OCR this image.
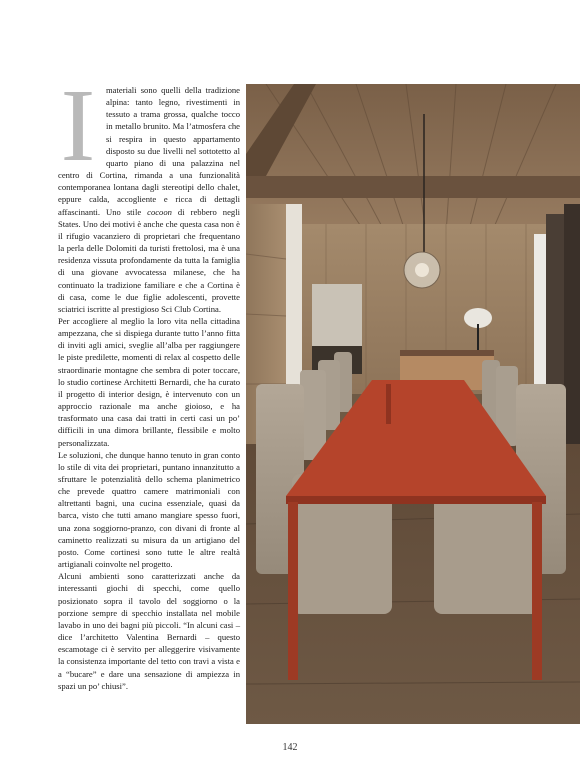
I	materiali sono quelli della tradizione alpina: tanto legno, rivestimenti in tessuto a trama grossa, qualche tocco in metallo brunito. Ma l’atmosfera che si respira in questo appartamento disposto su due livelli nel sottotetto al quarto piano di una palazzina nel centro di Cortina, rimanda a una funzionalità contemporanea lontana dagli stereotipi dello chalet, eppure calda, accogliente e ricca di dettagli affascinanti. Uno stile cocoon di rebbero negli States. Uno dei motivi è anche che questa casa non è il rifugio vacanziero di proprietari che frequentano la perla delle Dolomiti da turisti frettolosi, ma è una residenza vissuta profondamente da tutta la famiglia di una giovane avvocatessa milanese, che ha continuato la tradizione familiare e che a Cortina è di casa, come le due figlie adolescenti, provette sciatrici iscritte al prestigioso Sci Club Cortina.

Per accogliere al meglio la loro vita nella cittadina ampezzana, che si dispiega durante tutto l’anno fitta di inviti agli amici, sveglie all’alba per raggiungere le piste predilette, momenti di relax al cospetto delle straordinarie montagne che sembra di poter toccare, lo studio cortinese Architetti Bernardi, che ha curato il progetto di interior design, è intervenuto con un approccio razionale ma anche gioioso, e ha trasformato una casa dai tratti in certi casi un po’ difficili in una dimora brillante, flessibile e molto personalizzata.

Le soluzioni, che dunque hanno tenuto in gran conto lo stile di vita dei proprietari, puntano innanzitutto a sfruttare le potenzialità dello schema planimetrico che prevede quattro camere matrimoniali con altrettanti bagni, una cucina essenziale, quasi da barca, visto che tutti amano mangiare spesso fuori, una zona soggiorno-pranzo, con divani di fronte al caminetto realizzati su misura da un artigiano del posto. Come cortinesi sono tutte le altre realtà artigianali coinvolte nel progetto.

Alcuni ambienti sono caratterizzati anche da interessanti giochi di specchi, come quello posizionato sopra il tavolo del soggiorno o la porzione sempre di specchio installata nel mobile lavabo in uno dei bagni più piccoli. “In alcuni casi – dice l’architetto Valentina Bernardi – questo escamotage ci è servito per alleggerire visivamente la consistenza importante del tetto con travi a vista e a “bucare” e dare una sensazione di ampiezza in spazi un po’ chiusi”.

142
